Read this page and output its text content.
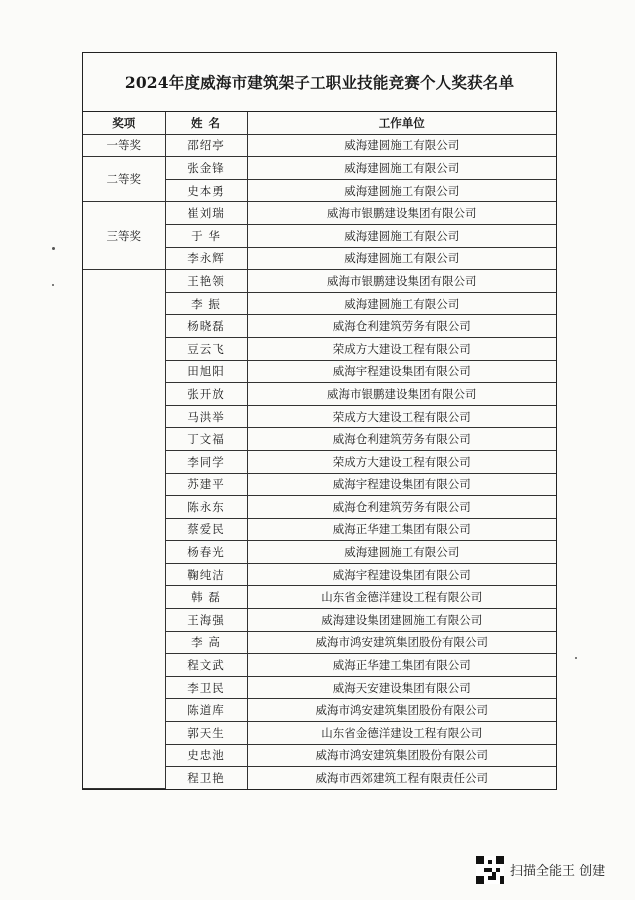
2024年度威海市建筑架子工职业技能竞赛个人奖获名单
奖项	姓 名	工作单位
一等奖	邵绍亭	威海建圆施工有限公司
二等奖	张金锋	威海建圆施工有限公司
	史本勇	威海建圆施工有限公司
三等奖	崔刘瑞	威海市银鹏建设集团有限公司
	于 华	威海建圆施工有限公司
	李永辉	威海建圆施工有限公司
	王艳领	威海市银鹏建设集团有限公司
	李 振	威海建圆施工有限公司
	杨晓磊	威海仓利建筑劳务有限公司
	豆云飞	荣成方大建设工程有限公司
	田旭阳	威海宇程建设集团有限公司
	张开放	威海市银鹏建设集团有限公司
	马洪举	荣成方大建设工程有限公司
	丁文福	威海仓利建筑劳务有限公司
	李同学	荣成方大建设工程有限公司
	苏建平	威海宇程建设集团有限公司
	陈永东	威海仓利建筑劳务有限公司
	蔡爱民	威海正华建工集团有限公司
	杨春光	威海建圆施工有限公司
	鞠纯洁	威海宇程建设集团有限公司
	韩 磊	山东省金德洋建设工程有限公司
	王海强	威海建设集团建圆施工有限公司
	李 高	威海市鸿安建筑集团股份有限公司
	程文武	威海正华建工集团有限公司
	李卫民	威海天安建设集团有限公司
	陈道库	威海市鸿安建筑集团股份有限公司
	郭天生	山东省金德洋建设工程有限公司
	史忠池	威海市鸿安建筑集团股份有限公司
	程卫艳	威海市西郊建筑工程有限责任公司
扫描全能王 创建
